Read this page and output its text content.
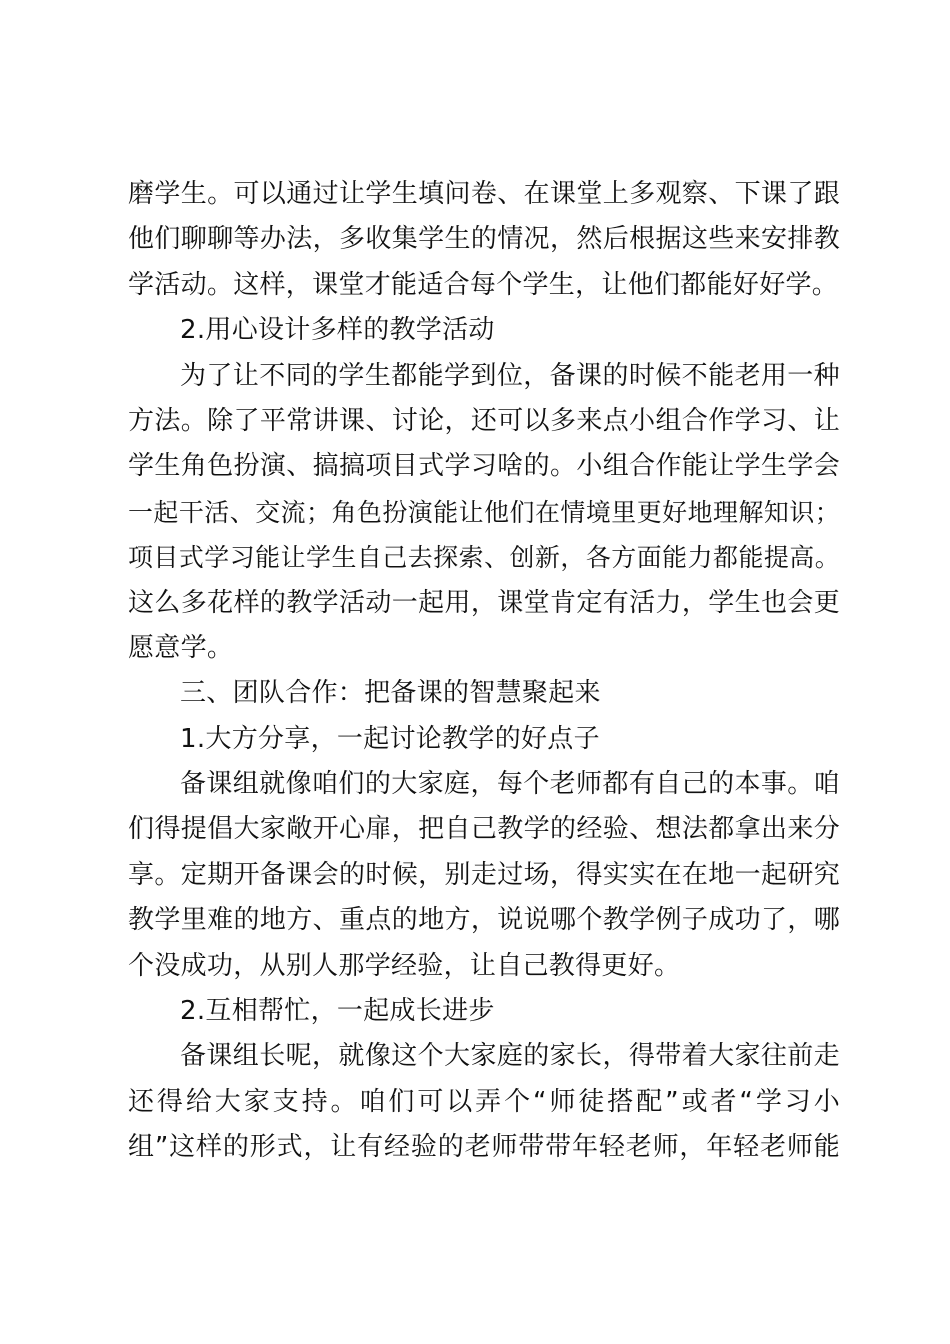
磨学生。可以通过让学生填问卷、在课堂上多观察、下课了跟
他们聊聊等办法，多收集学生的情况，然后根据这些来安排教
学活动。这样，课堂才能适合每个学生，让他们都能好好学。
2.用心设计多样的教学活动
为了让不同的学生都能学到位，备课的时候不能老用一种
方法。除了平常讲课、讨论，还可以多来点小组合作学习、让
学生角色扮演、搞搞项目式学习啥的。小组合作能让学生学会
一起干活、交流；角色扮演能让他们在情境里更好地理解知识；
项目式学习能让学生自己去探索、创新，各方面能力都能提高。
这么多花样的教学活动一起用，课堂肯定有活力，学生也会更
愿意学。
三、团队合作：把备课的智慧聚起来
1.大方分享，一起讨论教学的好点子
备课组就像咱们的大家庭，每个老师都有自己的本事。咱
们得提倡大家敞开心扉，把自己教学的经验、想法都拿出来分
享。定期开备课会的时候，别走过场，得实实在在地一起研究
教学里难的地方、重点的地方，说说哪个教学例子成功了，哪
个没成功，从别人那学经验，让自己教得更好。
2.互相帮忙，一起成长进步
备课组长呢，就像这个大家庭的家长，得带着大家往前走
还得给大家支持。咱们可以弄个“师徒搭配”或者“学习小
组”这样的形式，让有经验的老师带带年轻老师，年轻老师能
